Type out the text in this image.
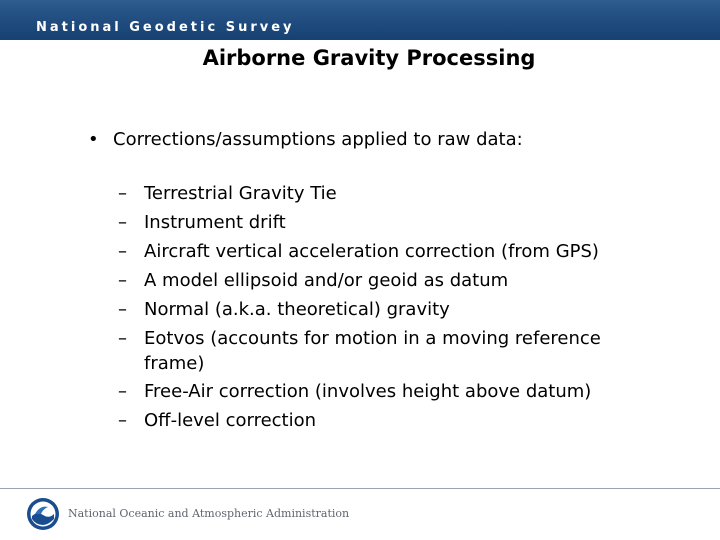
National Geodetic Survey
Airborne Gravity Processing
• Corrections/assumptions applied to raw data:
– Terrestrial Gravity Tie
– Instrument drift
– Aircraft vertical acceleration correction (from GPS)
– A model ellipsoid and/or geoid as datum
– Normal (a.k.a. theoretical) gravity
– Eotvos (accounts for motion in a moving reference
frame)
– Free-Air correction (involves height above datum)
– Off-level correction
National Oceanic and Atmospheric Administration
